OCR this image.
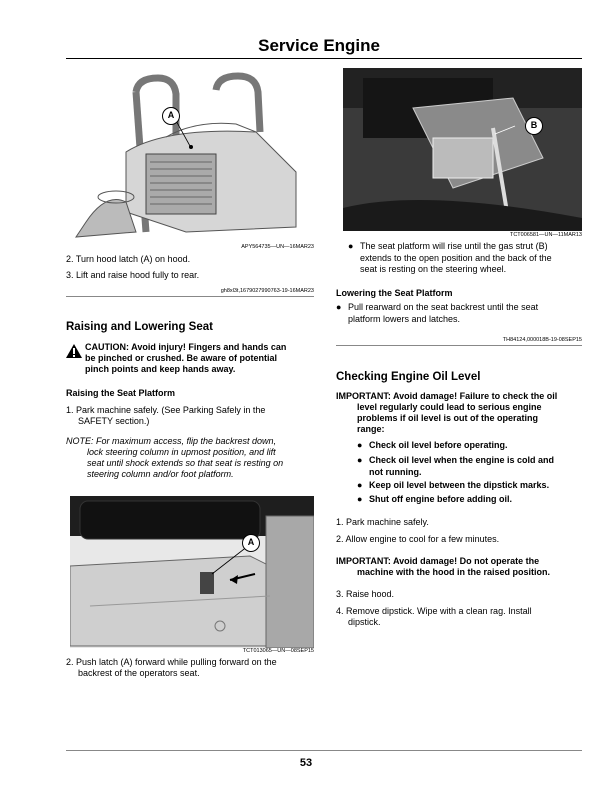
Service Engine
A
APY564735—UN—16MAR23
2. Turn hood latch (A) on hood.
3. Lift and raise hood fully to rear.
gh8xl3t,1679027990763-19-16MAR23
Raising and Lowering Seat
CAUTION: Avoid injury! Fingers and hands can
be pinched or crushed. Be aware of potential
pinch points and keep hands away.
Raising the Seat Platform
1. Park machine safely. (See Parking Safely in the
SAFETY section.)
NOTE: For maximum access, flip the backrest down,
lock steering column in upmost position, and lift
seat until shock extends so that seat is resting on
steering column and/or foot platform.
A
TCT013065—UN—08SEP15
2. Push latch (A) forward while pulling forward on the
backrest of the operators seat.
B
TCT006581—UN—11MAR13
● The seat platform will rise until the gas strut (B)
extends to the open position and the back of the
seat is resting on the steering wheel.
Lowering the Seat Platform
● Pull rearward on the seat backrest until the seat
platform lowers and latches.
TH84124,000018B-19-08SEP15
Checking Engine Oil Level
IMPORTANT: Avoid damage! Failure to check the oil
level regularly could lead to serious engine
problems if oil level is out of the operating
range:
● Check oil level before operating.
● Check oil level when the engine is cold and
not running.
● Keep oil level between the dipstick marks.
● Shut off engine before adding oil.
1. Park machine safely.
2. Allow engine to cool for a few minutes.
IMPORTANT: Avoid damage! Do not operate the
machine with the hood in the raised position.
3. Raise hood.
4. Remove dipstick. Wipe with a clean rag. Install
dipstick.
53
